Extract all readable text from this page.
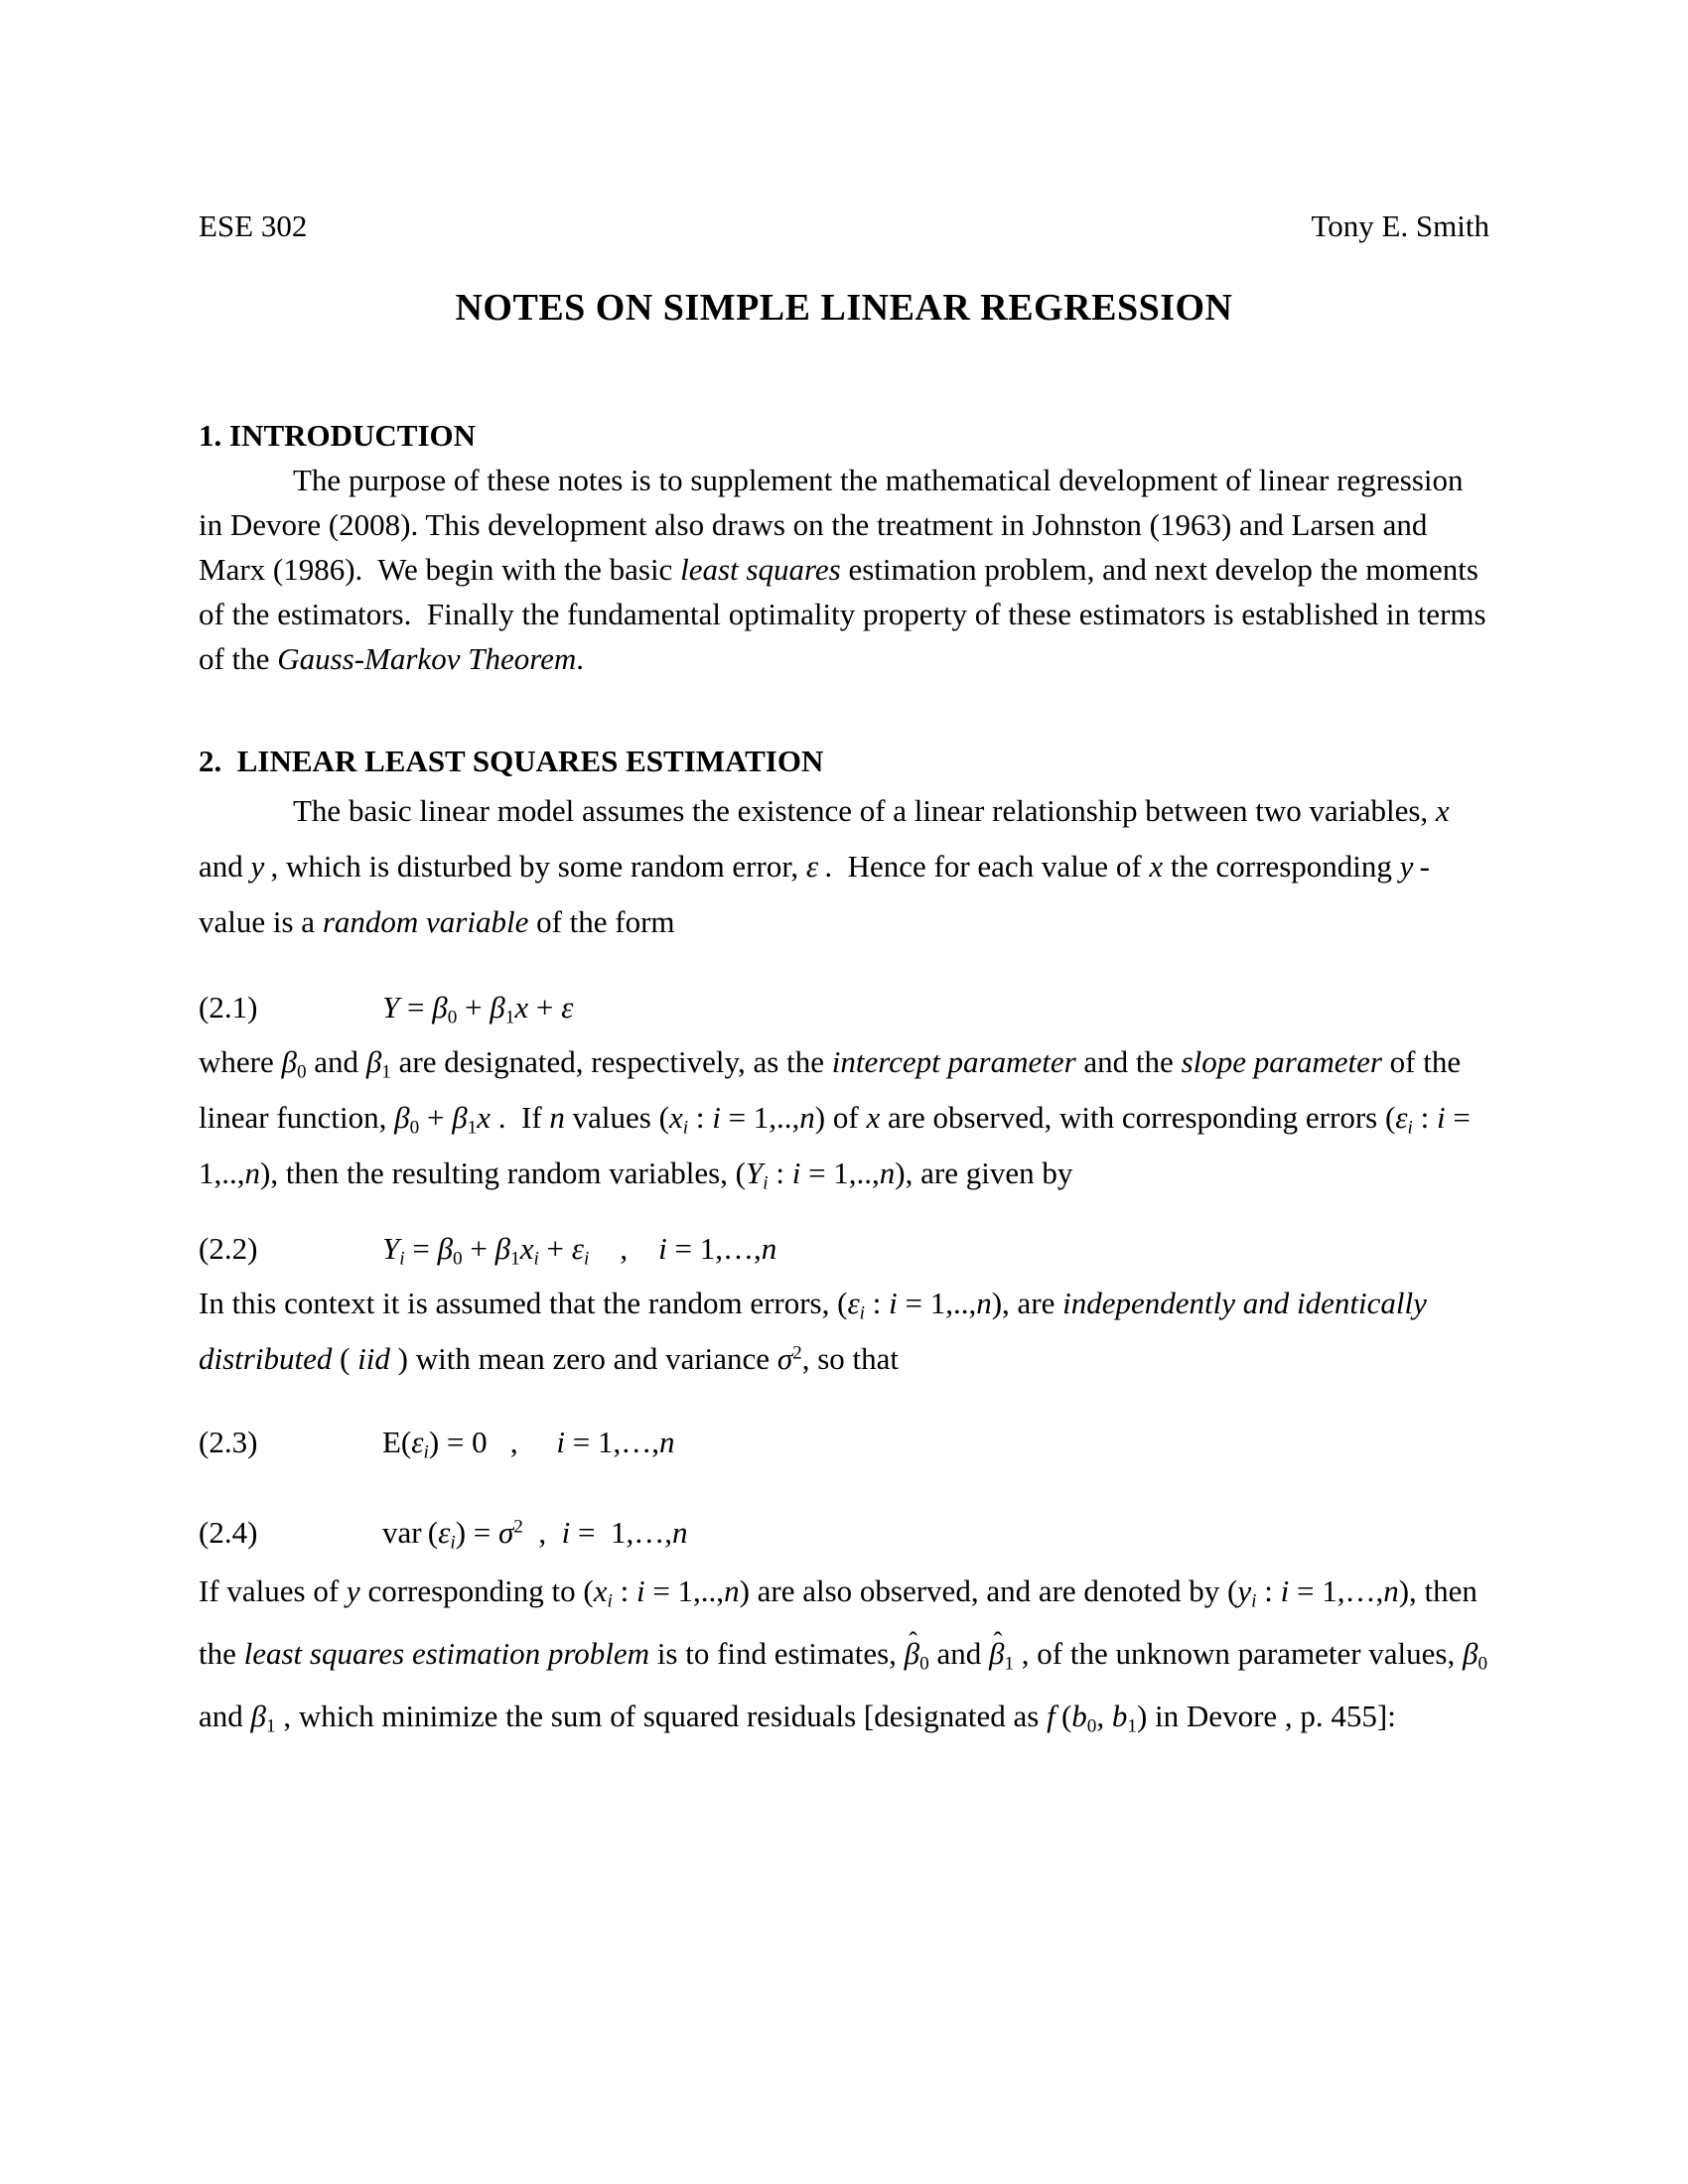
ESE 302	Tony E. Smith
NOTES ON SIMPLE LINEAR REGRESSION
1. INTRODUCTION

The purpose of these notes is to supplement the mathematical development of linear regression in Devore (2008). This development also draws on the treatment in Johnston (1963) and Larsen and Marx (1986).  We begin with the basic least squares estimation problem, and next develop the moments of the estimators.  Finally the fundamental optimality property of these estimators is established in terms of the Gauss-Markov Theorem.

2.  LINEAR LEAST SQUARES ESTIMATION

The basic linear model assumes the existence of a linear relationship between two variables, x and y , which is disturbed by some random error, ε .  Hence for each value of x the corresponding y -value is a random variable of the form

(2.1)	$Y = \beta_0 + \beta_1x + \varepsilon$

where $\beta_0$ and $\beta_1$ are designated, respectively, as the intercept parameter and the slope parameter of the linear function, $\beta_0 + \beta_1x$ .  If n values ($x_i$ : i = 1,..,n) of x are observed, with corresponding errors ($\varepsilon_i$ : i = 1,..,n), then the resulting random variables, ($Y_i$ : i = 1,..,n), are given by

(2.2)	$Y_i = \beta_0 + \beta_1x_i + \varepsilon_i$    ,    i = 1,…,n

In this context it is assumed that the random errors, ($\varepsilon_i$ : i = 1,..,n), are independently and identically distributed ( iid ) with mean zero and variance $\sigma^2$, so that

(2.3)	$E(\varepsilon_i) = 0$   ,     i = 1,…,n
(2.4)	var $(\varepsilon_i) = \sigma^2$  ,  i =  1,…,n

If values of y corresponding to ($x_i$ : i = 1,..,n) are also observed, and are denoted by ($y_i$ : i = 1,…,n), then the least squares estimation problem is to find estimates, β ˆ$_0$ and β ˆ$_1$ , of the unknown parameter values, $\beta_0$ and $\beta_1$ , which minimize the sum of squared residuals [designated as f ($b_0$, $b_1$) in Devore , p. 455]:
